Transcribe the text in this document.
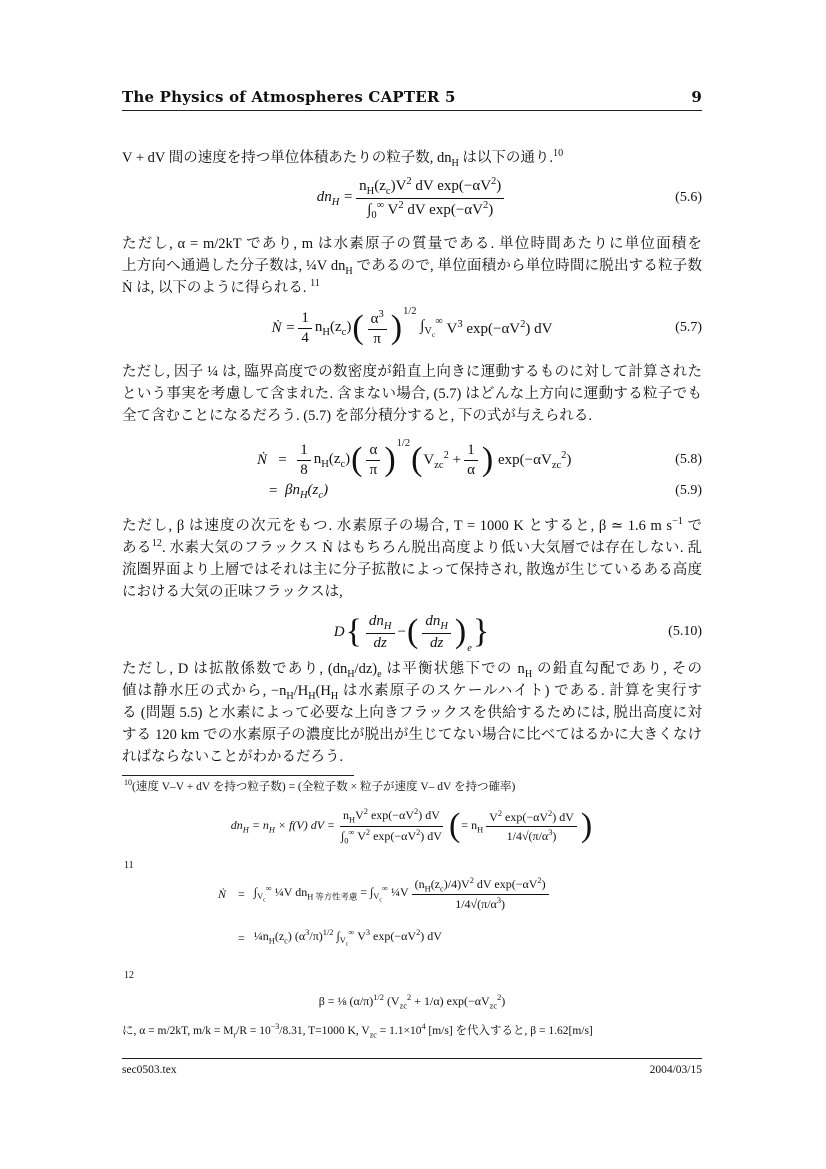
The Physics of Atmospheres CAPTER 5	9
V + dV 間の速度を持つ単位体積あたりの粒子数, $dn_H$ は以下の通り.$^{10}$
$dn_H = \frac{n_H(z_c)V^2 dV \exp(-\alpha V^2)}{\int_0^\infty V^2 dV \exp(-\alpha V^2)}$	(5.6)
ただし, α = m/2kT であり, m は水素原子の質量である. 単位時間あたりに単位面積を
上方向へ通過した分子数は, ¼V $dn_H$ であるので, 単位面積から単位時間に脱出する粒子数
Ṅ は, 以下のように得られる. $^{11}$
Ṅ = $\frac{1}{4} n_H(z_c)$ ( $\frac{\alpha^3}{\pi} )^{1/2}$

$\int_{V_c}^\infty$
$V^3$ $\exp(-\alpha V^2)$ dV	(5.7)
ただし, 因子 ¼ は, 臨界高度での数密度が鉛直上向きに運動するものに対して計算された
という事実を考慮して含まれた. 含まない場合, (5.7) はどんな上方向に運動する粒子でも
全て含むことになるだろう. (5.7) を部分積分すると, 下の式が与えられる.
Ṅ
=
$\frac{1}{8} n_H(z_c)$ ( $\frac{\alpha}{\pi} )^{1/2}$ ( $V_{zc}^2 + \frac{1}{\alpha}$ )
$\exp(-\alpha V_{zc}^2)$	(5.8)
=
$\beta n_H(z_c)$	(5.9)
ただし, β は速度の次元をもつ. 水素原子の場合, T = 1000 K とすると, β ≃ 1.6 m $s^{-1}$ で
ある$^{12}$. 水素大気のフラックス Ṅ はもちろん脱出高度より低い大気層では存在しない. 乱
流圏界面より上層ではそれは主に分子拡散によって保持され, 散逸が生じているある高度
における大気の正味フラックスは,
D { $\frac{dn_H}{dz}$ − ( $\frac{dn_H}{dz} )_e$ }	(5.10)
ただし, D は拡散係数であり, $(dn_H/dz)_e$ は平衡状態下での $n_H$ の鉛直勾配であり, その
値は静水圧の式から, $-n_H/H_H(H_H$ は水素原子のスケールハイト) である. 計算を実行す
る (問題 5.5) と水素によって必要な上向きフラックスを供給するためには, 脱出高度に対
する 120 km での水素原子の濃度比が脱出が生じてない場合に比べてはるかに大きくなけ
ればならないことがわかるだろう.
$^{10}$(速度 V–V + dV を持つ粒子数) = (全粒子数 × 粒子が速度 V– dV を持つ確率)
$dn_H = n_H \times f(V)$ dV = $\frac{n_HV^2 \exp(-\alpha V^2) dV}{\int_0^\infty V^2 \exp(-\alpha V^2) dV}$ ( = $n_H \frac{V^2 \exp(-\alpha V^2) dV}{1/4√(\pi/\alpha^3)}$ )
11
Ṅ
=
$\int_{V_c}^\infty$ ¼V $dn_{H 等方性考慮} = \int_{V_c}^\infty$ ¼V $\frac{(n_H(z_c)/4)V^2 dV \exp(-\alpha V^2)}{1/4√(\pi/\alpha^3)}$
=
$\frac{1}{4}n_H(z_c)$ $(\alpha^3/\pi)^{1/2}$ $\int_{V_c}^\infty$ $V^3$ $\exp(-\alpha V^2)$ dV
12
β = ⅛ $(\alpha/\pi)^{1/2}$ $(V_{zc}^2 + 1/\alpha)$ $\exp(-\alpha V_{zc}^2)$
に, α = m/2kT, $m/k = M_r/R = 10^{-3}/8.31$, T=1000 K, $V_{zc} = 1.1\times 10^4$ [m/s] を代入すると, β = 1.62[m/s]
sec0503.tex	2004/03/15
